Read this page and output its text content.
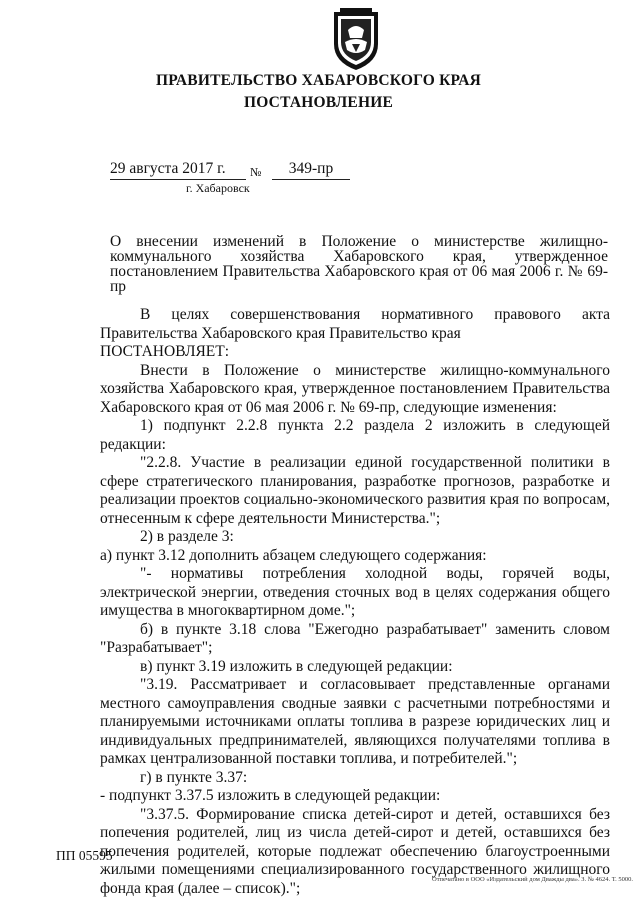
ПРАВИТЕЛЬСТВО ХАБАРОВСКОГО КРАЯ
ПОСТАНОВЛЕНИЕ
29 августа 2017 г.	№	349-пр
г. Хабаровск
О внесении изменений в Положение о министерстве жилищно-коммунального хозяйства Хабаровского края, утвержденное постановлением Правительства Хабаровского края от 06 мая 2006 г. № 69-пр

В целях совершенствования нормативного правового акта Правительства Хабаровского края Правительство края

ПОСТАНОВЛЯЕТ:

Внести в Положение о министерстве жилищно-коммунального хозяйства Хабаровского края, утвержденное постановлением Правительства Хабаровского края от 06 мая 2006 г. № 69-пр, следующие изменения:

1) подпункт 2.2.8 пункта 2.2 раздела 2 изложить в следующей редакции:

"2.2.8. Участие в реализации единой государственной политики в сфере стратегического планирования, разработке прогнозов, разработке и реализации проектов социально-экономического развития края по вопросам, отнесенным к сфере деятельности Министерства.";

2) в разделе 3:

а) пункт 3.12 дополнить абзацем следующего содержания:

"- нормативы потребления холодной воды, горячей воды, электрической энергии, отведения сточных вод в целях содержания общего имущества в многоквартирном доме.";

б) в пункте 3.18 слова "Ежегодно разрабатывает" заменить словом "Разрабатывает";

в) пункт 3.19 изложить в следующей редакции:

"3.19. Рассматривает и согласовывает представленные органами местного самоуправления сводные заявки с расчетными потребностями и планируемыми источниками оплаты топлива в разрезе юридических лиц и индивидуальных предпринимателей, являющихся получателями топлива в рамках централизованной поставки топлива, и потребителей.";

г) в пункте 3.37:

- подпункт 3.37.5 изложить в следующей редакции:

"3.37.5. Формирование списка детей-сирот и детей, оставшихся без попечения родителей, лиц из числа детей-сирот и детей, оставшихся без попечения родителей, которые подлежат обеспечению благоустроенными жилыми помещениями специализированного государственного жилищного фонда края (далее – список).";

ПП 05595
Отпечатано в ООО «Издательский дом Дважды два». З. № 4624. Т. 5000.
